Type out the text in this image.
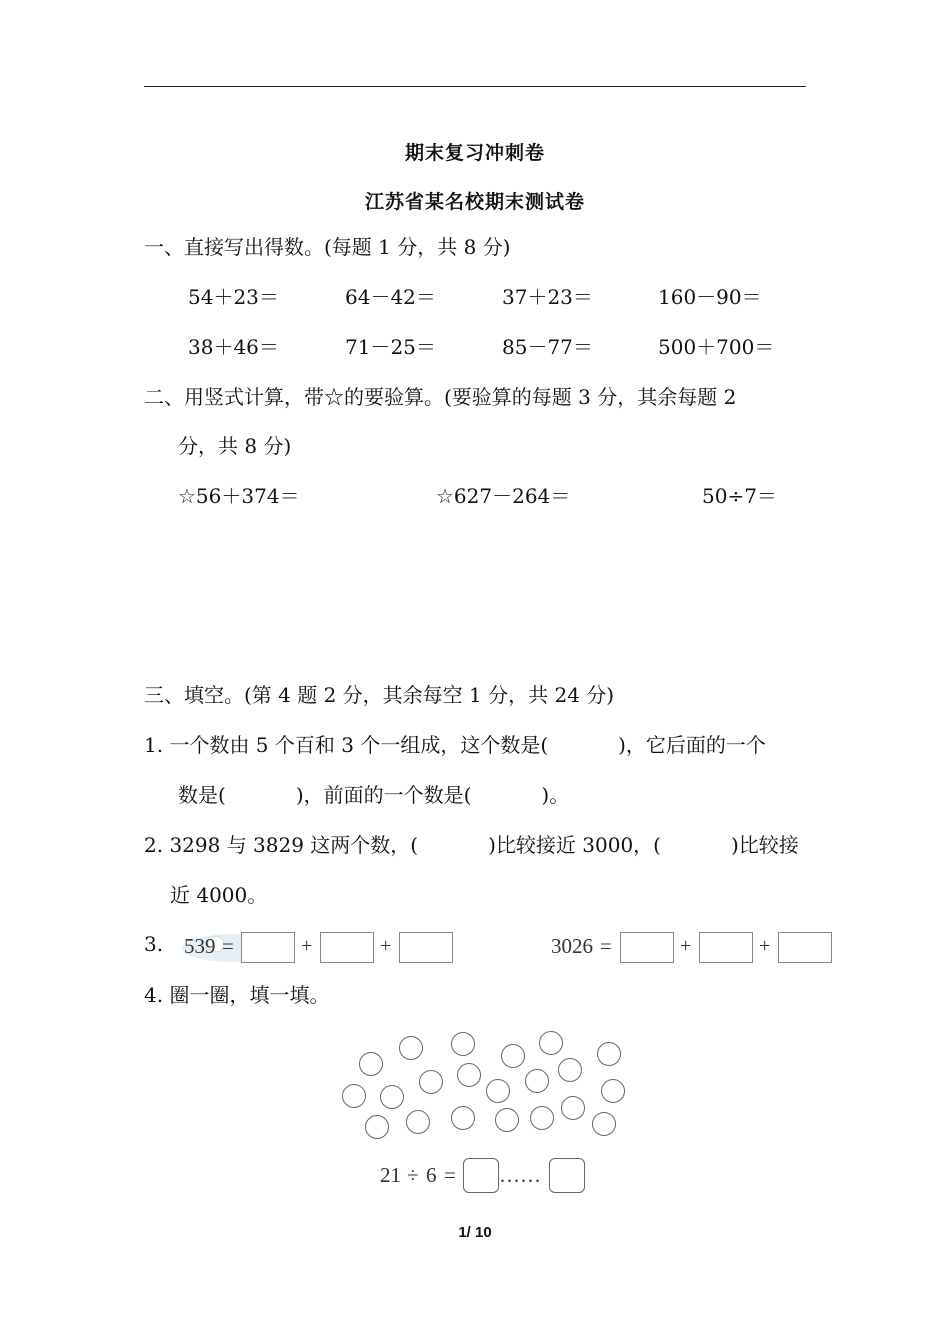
期末复习冲刺卷
江苏省某名校期末测试卷
一、直接写出得数。(每题 1 分，共 8 分)
54＋23＝	64－42＝	37＋23＝	160－90＝
38＋46＝	71－25＝	85－77＝	500＋700＝
二、用竖式计算，带☆的要验算。(要验算的每题 3 分，其余每题 2
分，共 8 分)
☆56＋374＝	☆627－264＝	50÷7＝
三、填空。(第 4 题 2 分，其余每空 1 分，共 24 分)
1. 一个数由 5 个百和 3 个一组成，这个数是(	)，它后面的一个
数是(	)，前面的一个数是(	)。
2. 3298 与 3829 这两个数，(	)比较接近 3000，(	)比较接
近 4000。
3. 539 =	+	+	3026 =	+	+
4. 圈一圈，填一填。
21 ÷ 6 = ……
1/ 10
